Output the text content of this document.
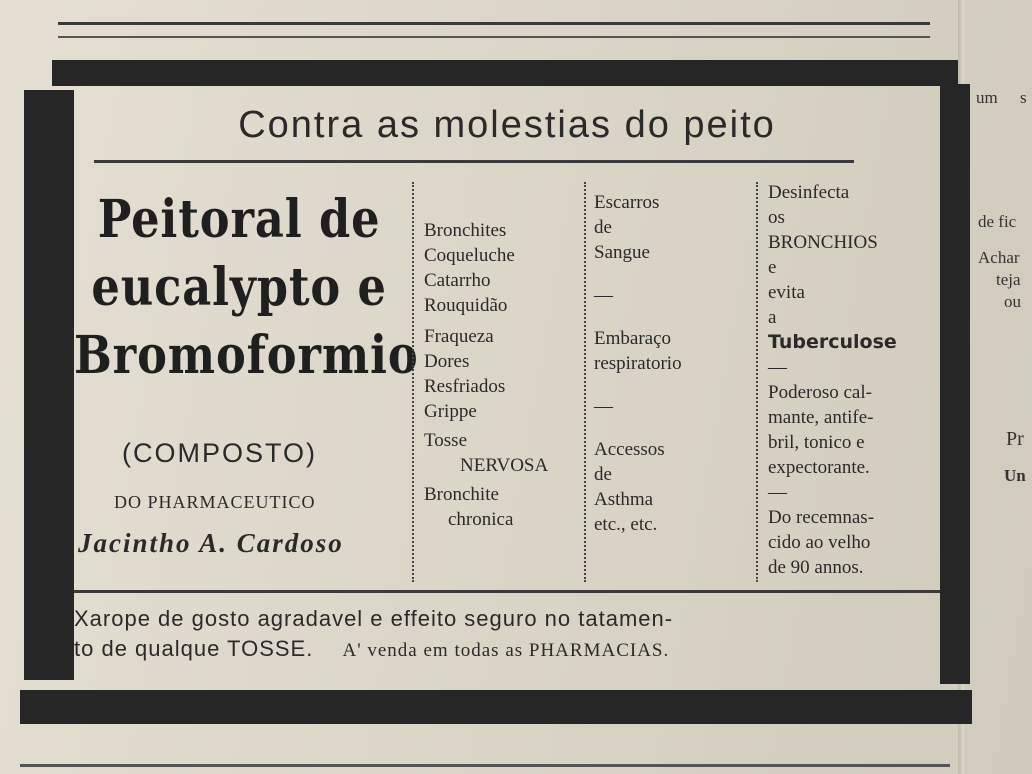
Contra as molestias do peito
Peitoral de
eucalypto e
Bromoformio
(COMPOSTO)
DO PHARMACEUTICO
Jacintho A. Cardoso
Bronchites
Coqueluche
Catarrho
Rouquidão
Fraqueza
Dores
Resfriados
Grippe
Tosse
NERVOSA
Bronchite
chronica
Escarros
de
Sangue
—
Embaraço
respiratorio
—
Accessos
de
Asthma
etc., etc.
Desinfecta
os
BRONCHIOS
e
evita
a
Tuberculose
—
Poderoso cal-
mante, antife-
bril, tonico e
expectorante.
—
Do recemnas-
cido ao velho
de 90 annos.
Xarope de gosto agradavel e effeito seguro no tatamen-
to de qualque TOSSE. A' venda em todas as PHARMACIAS.
um s
de fic
Achar
teja
ou
Pr
Un
